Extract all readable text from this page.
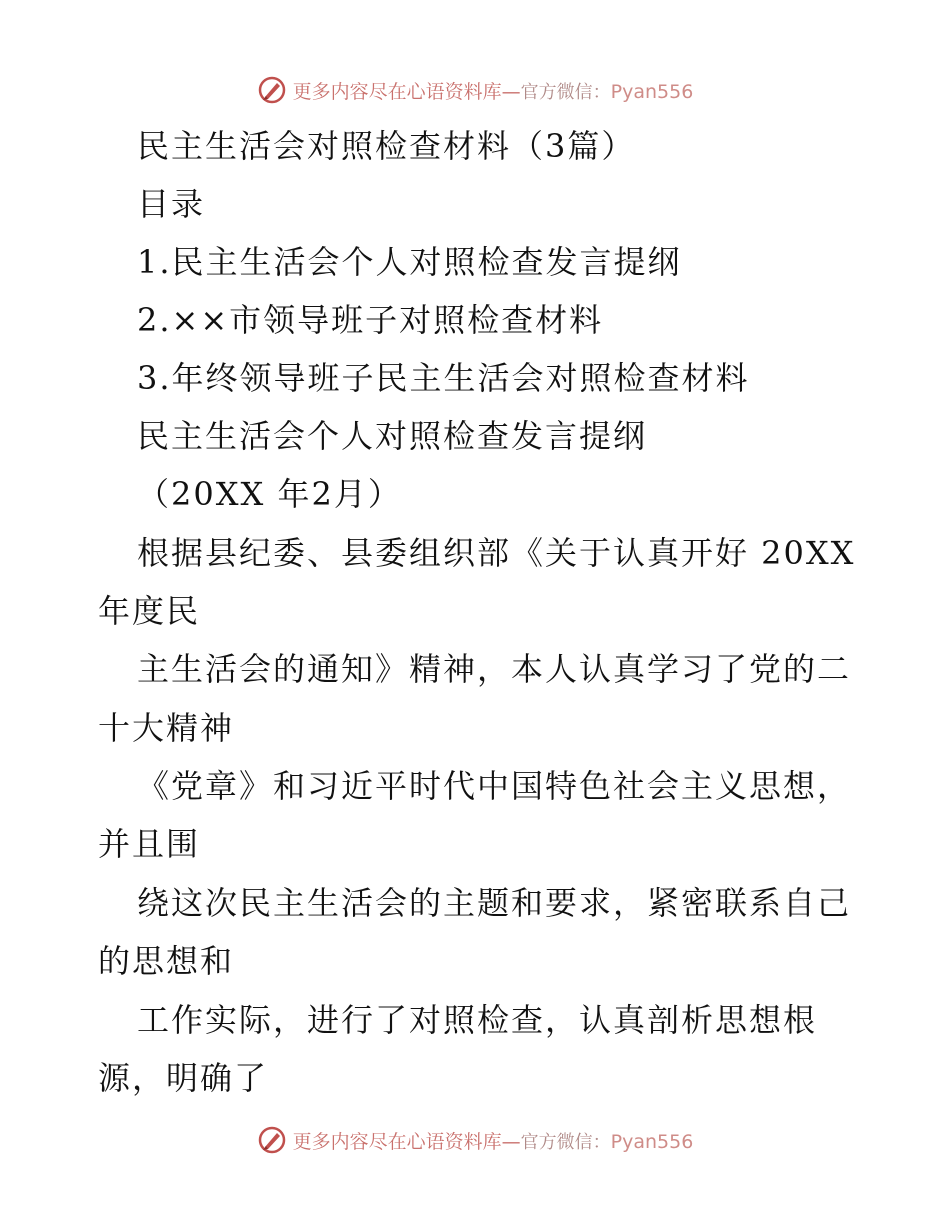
更多内容尽在心语资料库—官方微信：Pyan556
民主生活会对照检查材料（3篇）
目录
1.民主生活会个人对照检查发言提纲
2.××市领导班子对照检查材料
3.年终领导班子民主生活会对照检查材料
民主生活会个人对照检查发言提纲
（20XX 年2月）
根据县纪委、县委组织部《关于认真开好 20XX
年度民
主生活会的通知》精神，本人认真学习了党的二
十大精神
《党章》和习近平时代中国特色社会主义思想，
并且围
绕这次民主生活会的主题和要求，紧密联系自己
的思想和
工作实际，进行了对照检查，认真剖析思想根
源，明确了
更多内容尽在心语资料库—官方微信：Pyan556
